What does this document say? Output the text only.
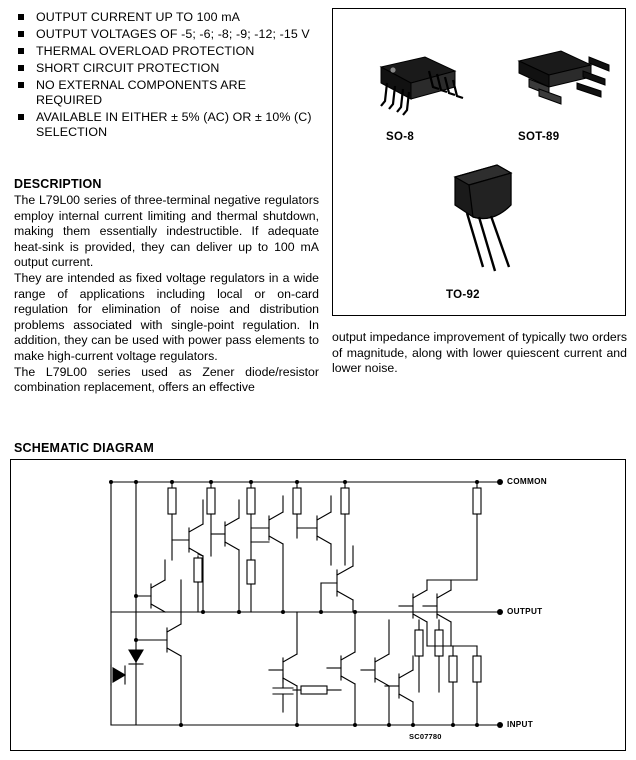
OUTPUT CURRENT UP TO 100 mA
OUTPUT VOLTAGES OF -5; -6; -8; -9; -12; -15 V
THERMAL OVERLOAD PROTECTION
SHORT CIRCUIT PROTECTION
NO EXTERNAL COMPONENTS ARE REQUIRED
AVAILABLE IN EITHER ± 5% (AC) OR ± 10% (C) SELECTION
DESCRIPTION

The L79L00 series of three-terminal negative regulators employ internal current limiting and thermal shutdown, making them essentially indestructible. If adequate heat-sink is provided, they can deliver up to 100 mA output current.

They are intended as fixed voltage regulators in a wide range of applications including local or on-card regulation for elimination of noise and distribution problems associated with single-point regulation. In addition, they can be used with power pass elements to make high-current voltage regulators.

The L79L00 series used as Zener diode/resistor combination replacement, offers an effective

output impedance improvement of typically two orders of magnitude, along with lower quiescent current and lower noise.
SO-8	SOT-89
TO-92
SCHEMATIC DIAGRAM
COMMON
OUTPUT
INPUT
SC07780
